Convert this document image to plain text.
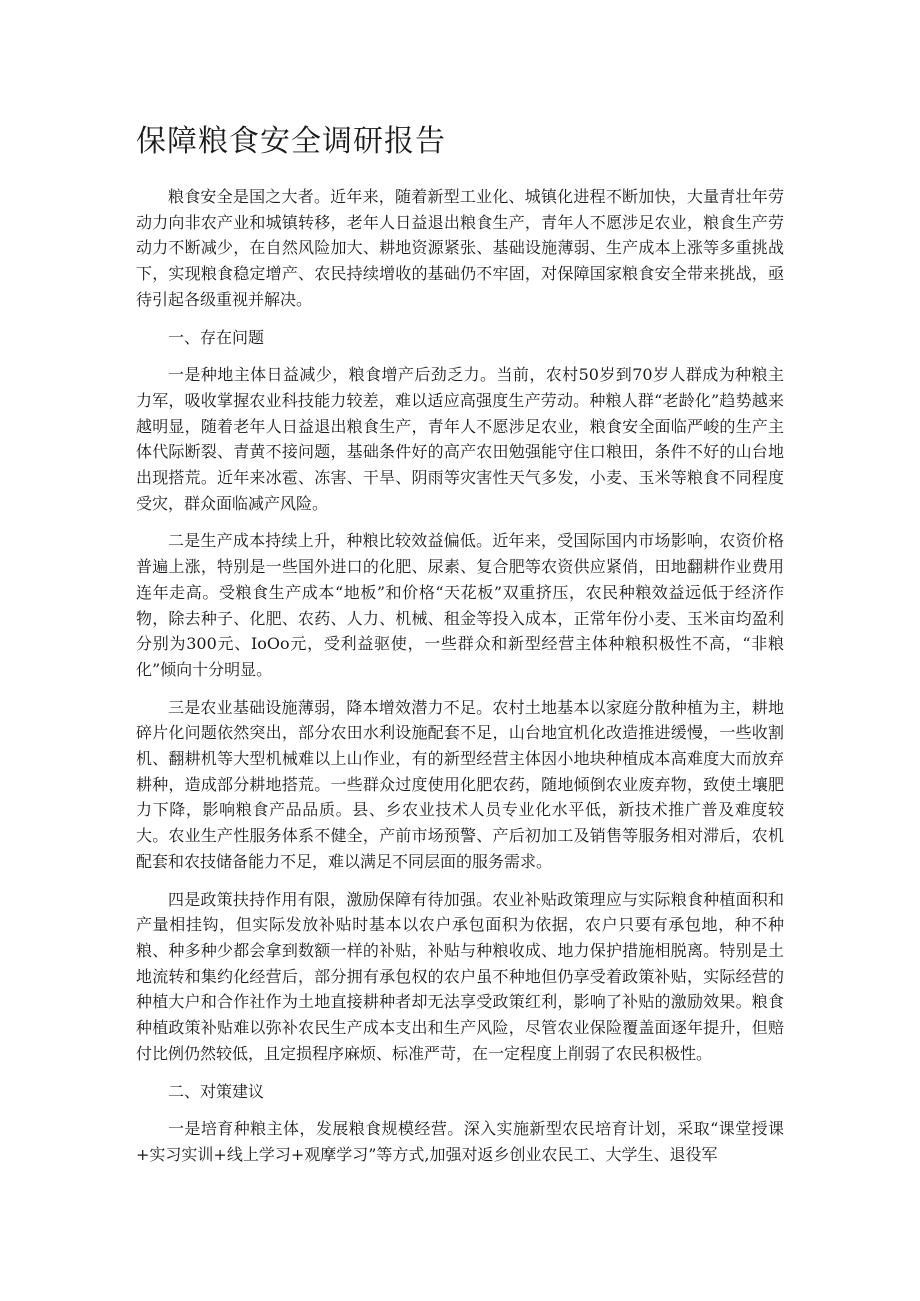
保障粮食安全调研报告

粮食安全是国之大者。近年来，随着新型工业化、城镇化进程不断加快，大量青壮年劳动力向非农产业和城镇转移，老年人日益退出粮食生产，青年人不愿涉足农业，粮食生产劳动力不断减少，在自然风险加大、耕地资源紧张、基础设施薄弱、生产成本上涨等多重挑战下，实现粮食稳定增产、农民持续增收的基础仍不牢固，对保障国家粮食安全带来挑战，亟待引起各级重视并解决。

一、存在问题

一是种地主体日益减少，粮食增产后劲乏力。当前，农村50岁到70岁人群成为种粮主力军，吸收掌握农业科技能力较差，难以适应高强度生产劳动。种粮人群“老龄化”趋势越来越明显，随着老年人日益退出粮食生产，青年人不愿涉足农业，粮食安全面临严峻的生产主体代际断裂、青黄不接问题，基础条件好的高产农田勉强能守住口粮田，条件不好的山台地出现搭荒。近年来冰雹、冻害、干旱、阴雨等灾害性天气多发，小麦、玉米等粮食不同程度受灾，群众面临减产风险。

二是生产成本持续上升，种粮比较效益偏低。近年来，受国际国内市场影响，农资价格普遍上涨，特别是一些国外进口的化肥、尿素、复合肥等农资供应紧俏，田地翻耕作业费用连年走高。受粮食生产成本“地板”和价格“天花板”双重挤压，农民种粮效益远低于经济作物，除去种子、化肥、农药、人力、机械、租金等投入成本，正常年份小麦、玉米亩均盈利分别为300元、IoOo元，受利益驱使，一些群众和新型经营主体种粮积极性不高，“非粮化”倾向十分明显。

三是农业基础设施薄弱，降本增效潜力不足。农村土地基本以家庭分散种植为主，耕地碎片化问题依然突出，部分农田水利设施配套不足，山台地宜机化改造推进缓慢，一些收割机、翻耕机等大型机械难以上山作业，有的新型经营主体因小地块种植成本高难度大而放弃耕种，造成部分耕地搭荒。一些群众过度使用化肥农药，随地倾倒农业废弃物，致使土壤肥力下降，影响粮食产品品质。县、乡农业技术人员专业化水平低，新技术推广普及难度较大。农业生产性服务体系不健全，产前市场预警、产后初加工及销售等服务相对滞后，农机配套和农技储备能力不足，难以满足不同层面的服务需求。

四是政策扶持作用有限，激励保障有待加强。农业补贴政策理应与实际粮食种植面积和产量相挂钩，但实际发放补贴时基本以农户承包面积为依据，农户只要有承包地，种不种粮、种多种少都会拿到数额一样的补贴，补贴与种粮收成、地力保护措施相脱离。特别是土地流转和集约化经营后，部分拥有承包权的农户虽不种地但仍享受着政策补贴，实际经营的种植大户和合作社作为土地直接耕种者却无法享受政策红利，影响了补贴的激励效果。粮食种植政策补贴难以弥补农民生产成本支出和生产风险，尽管农业保险覆盖面逐年提升，但赔付比例仍然较低，且定损程序麻烦、标准严苛，在一定程度上削弱了农民积极性。

二、对策建议

一是培育种粮主体，发展粮食规模经营。深入实施新型农民培育计划，采取“课堂授课+实习实训+线上学习+观摩学习”等方式,加强对返乡创业农民工、大学生、退役军
